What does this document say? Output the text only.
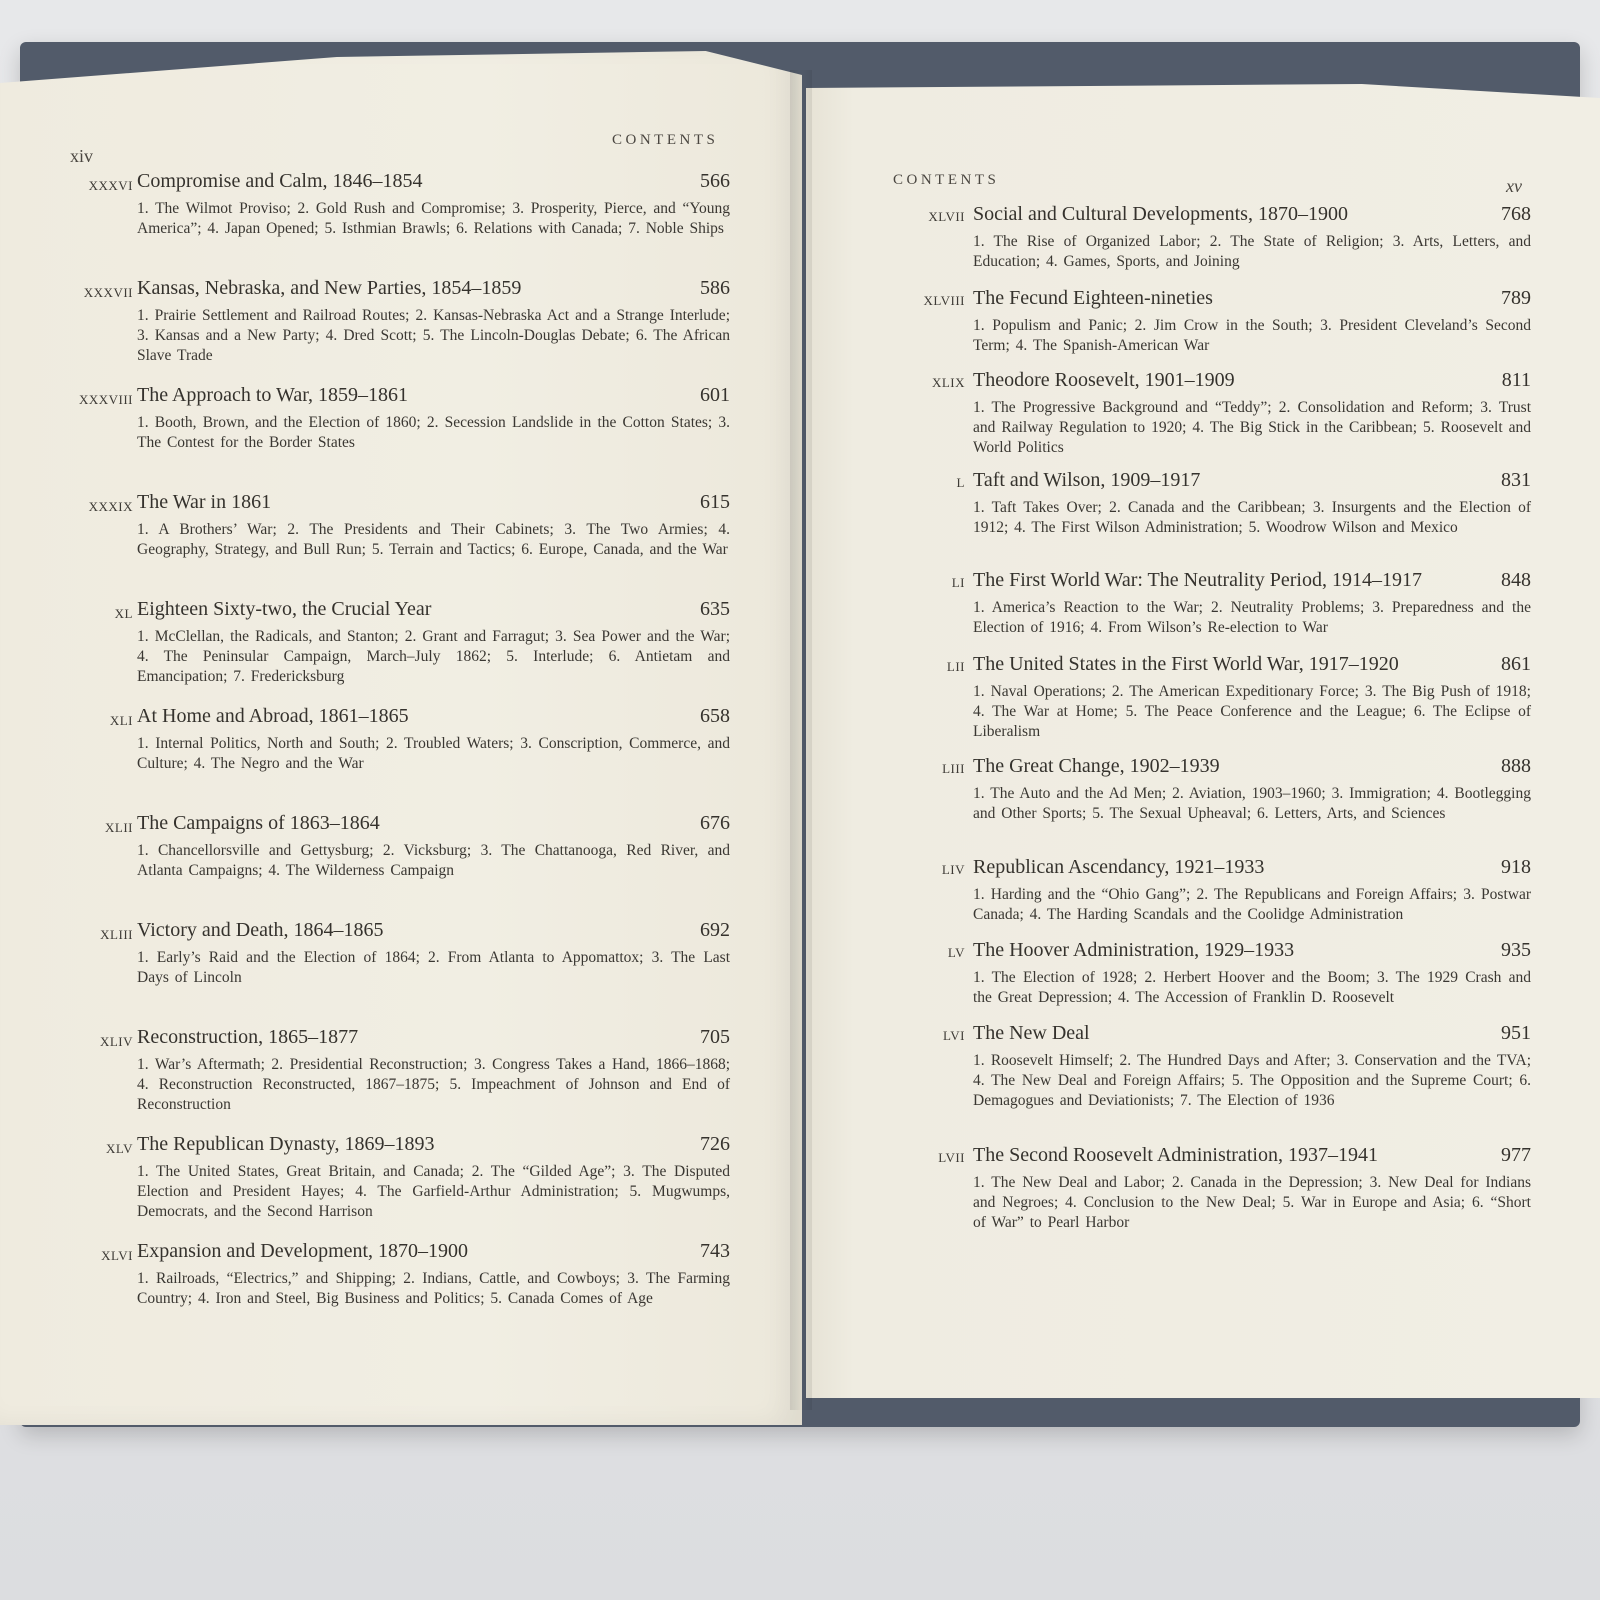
CONTENTS
xiv
CONTENTS	xv
XXXVI Compromise and Calm, 1846–1854	566
1. The Wilmot Proviso; 2. Gold Rush and Compromise; 3. Prosperity, Pierce, and “Young America”; 4. Japan Opened; 5. Isthmian Brawls; 6. Relations with Canada; 7. Noble Ships
XXXVII Kansas, Nebraska, and New Parties, 1854–1859	586
1. Prairie Settlement and Railroad Routes; 2. Kansas-Nebraska Act and a Strange Interlude; 3. Kansas and a New Party; 4. Dred Scott; 5. The Lincoln-Douglas Debate; 6. The African Slave Trade
XXXVIII The Approach to War, 1859–1861	601
1. Booth, Brown, and the Election of 1860; 2. Secession Landslide in the Cotton States; 3. The Contest for the Border States
XXXIX The War in 1861	615
1. A Brothers’ War; 2. The Presidents and Their Cabinets; 3. The Two Armies; 4. Geography, Strategy, and Bull Run; 5. Terrain and Tactics; 6. Europe, Canada, and the War
XL Eighteen Sixty-two, the Crucial Year	635
1. McClellan, the Radicals, and Stanton; 2. Grant and Farragut; 3. Sea Power and the War; 4. The Peninsular Campaign, March–July 1862; 5. Interlude; 6. Antietam and Emancipation; 7. Fredericksburg
XLI At Home and Abroad, 1861–1865	658
1. Internal Politics, North and South; 2. Troubled Waters; 3. Conscription, Commerce, and Culture; 4. The Negro and the War
XLII The Campaigns of 1863–1864	676
1. Chancellorsville and Gettysburg; 2. Vicksburg; 3. The Chattanooga, Red River, and Atlanta Campaigns; 4. The Wilderness Campaign
XLIII Victory and Death, 1864–1865	692
1. Early’s Raid and the Election of 1864; 2. From Atlanta to Appomattox; 3. The Last Days of Lincoln
XLIV Reconstruction, 1865–1877	705
1. War’s Aftermath; 2. Presidential Reconstruction; 3. Congress Takes a Hand, 1866–1868; 4. Reconstruction Reconstructed, 1867–1875; 5. Impeachment of Johnson and End of Reconstruction
XLV The Republican Dynasty, 1869–1893	726
1. The United States, Great Britain, and Canada; 2. The “Gilded Age”; 3. The Disputed Election and President Hayes; 4. The Garfield-Arthur Administration; 5. Mugwumps, Democrats, and the Second Harrison
XLVI Expansion and Development, 1870–1900	743
1. Railroads, “Electrics,” and Shipping; 2. Indians, Cattle, and Cowboys; 3. The Farming Country; 4. Iron and Steel, Big Business and Politics; 5. Canada Comes of Age
XLVII Social and Cultural Developments, 1870–1900	768
1. The Rise of Organized Labor; 2. The State of Religion; 3. Arts, Letters, and Education; 4. Games, Sports, and Joining
XLVIII The Fecund Eighteen-nineties	789
1. Populism and Panic; 2. Jim Crow in the South; 3. President Cleveland’s Second Term; 4. The Spanish-American War
XLIX Theodore Roosevelt, 1901–1909	811
1. The Progressive Background and “Teddy”; 2. Consolidation and Reform; 3. Trust and Railway Regulation to 1920; 4. The Big Stick in the Caribbean; 5. Roosevelt and World Politics
L Taft and Wilson, 1909–1917	831
1. Taft Takes Over; 2. Canada and the Caribbean; 3. Insurgents and the Election of 1912; 4. The First Wilson Administration; 5. Woodrow Wilson and Mexico
LI The First World War: The Neutrality Period, 1914–1917	848
1. America’s Reaction to the War; 2. Neutrality Problems; 3. Preparedness and the Election of 1916; 4. From Wilson’s Re-election to War
LII The United States in the First World War, 1917–1920	861
1. Naval Operations; 2. The American Expeditionary Force; 3. The Big Push of 1918; 4. The War at Home; 5. The Peace Conference and the League; 6. The Eclipse of Liberalism
LIII The Great Change, 1902–1939	888
1. The Auto and the Ad Men; 2. Aviation, 1903–1960; 3. Immigration; 4. Bootlegging and Other Sports; 5. The Sexual Upheaval; 6. Letters, Arts, and Sciences
LIV Republican Ascendancy, 1921–1933	918
1. Harding and the “Ohio Gang”; 2. The Republicans and Foreign Affairs; 3. Postwar Canada; 4. The Harding Scandals and the Coolidge Administration
LV The Hoover Administration, 1929–1933	935
1. The Election of 1928; 2. Herbert Hoover and the Boom; 3. The 1929 Crash and the Great Depression; 4. The Accession of Franklin D. Roosevelt
LVI The New Deal	951
1. Roosevelt Himself; 2. The Hundred Days and After; 3. Conservation and the TVA; 4. The New Deal and Foreign Affairs; 5. The Opposition and the Supreme Court; 6. Demagogues and Deviationists; 7. The Election of 1936
LVII The Second Roosevelt Administration, 1937–1941	977
1. The New Deal and Labor; 2. Canada in the Depression; 3. New Deal for Indians and Negroes; 4. Conclusion to the New Deal; 5. War in Europe and Asia; 6. “Short of War” to Pearl Harbor
